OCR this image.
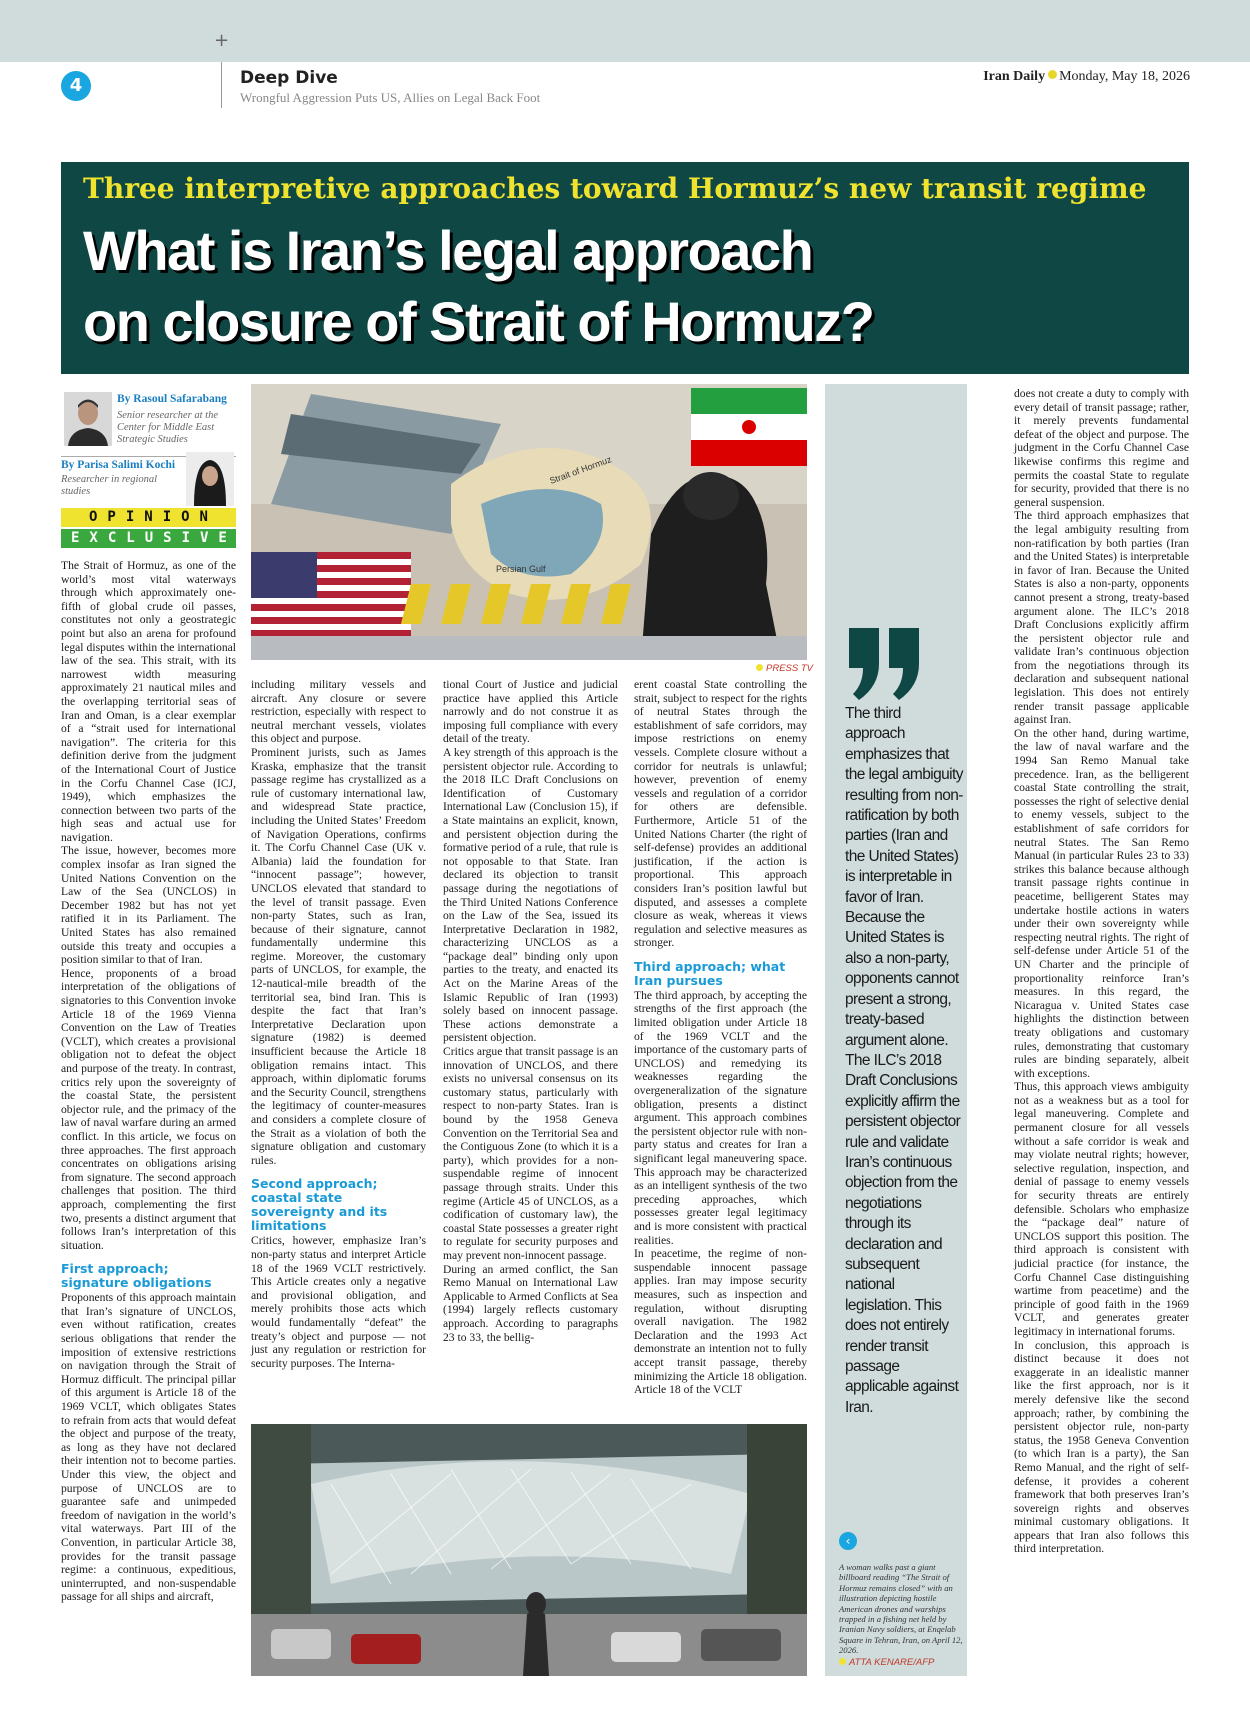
+
4	Deep Dive
Wrongful Aggression Puts US, Allies on Legal Back Foot
Iran Daily Monday, May 18, 2026
Three interpretive approaches toward Hormuz’s new transit regime
What is Iran’s legal approach
on closure of Strait of Hormuz?
By Rasoul Safarabang
Senior researcher at the Center for Middle East Strategic Studies
By Parisa Salimi Kochi
Researcher in regional studies
OPINION
EXCLUSIVE

The Strait of Hormuz, as one of the world’s most vital waterways through which approximately one-fifth of global crude oil passes, constitutes not only a geostrategic point but also an arena for profound legal disputes within the international law of the sea. This strait, with its narrowest width measuring approximately 21 nautical miles and the overlapping territorial seas of Iran and Oman, is a clear exemplar of a “strait used for international navigation”. The criteria for this definition derive from the judgment of the International Court of Justice in the Corfu Channel Case (ICJ, 1949), which emphasizes the connection between two parts of the high seas and actual use for navigation.

The issue, however, becomes more complex insofar as Iran signed the United Nations Convention on the Law of the Sea (UNCLOS) in December 1982 but has not yet ratified it in its Parliament. The United States has also remained outside this treaty and occupies a position similar to that of Iran.

Hence, proponents of a broad interpretation of the obligations of signatories to this Convention invoke Article 18 of the 1969 Vienna Convention on the Law of Treaties (VCLT), which creates a provisional obligation not to defeat the object and purpose of the treaty. In contrast, critics rely upon the sovereignty of the coastal State, the persistent objector rule, and the primacy of the law of naval warfare during an armed conflict. In this article, we focus on three approaches. The first approach concentrates on obligations arising from signature. The second approach challenges that position. The third approach, complementing the first two, presents a distinct argument that follows Iran’s interpretation of this situation.

First approach; signature obligations

Proponents of this approach maintain that Iran’s signature of UNCLOS, even without ratification, creates serious obligations that render the imposition of extensive restrictions on navigation through the Strait of Hormuz difficult. The principal pillar of this argument is Article 18 of the 1969 VCLT, which obligates States to refrain from acts that would defeat the object and purpose of the treaty, as long as they have not declared their intention not to become parties. Under this view, the object and purpose of UNCLOS are to guarantee safe and unimpeded freedom of navigation in the world’s vital waterways. Part III of the Convention, in particular Article 38, provides for the transit passage regime: a continuous, expeditious, uninterrupted, and non-suspendable passage for all ships and aircraft,

Persian Gulf
Strait of Hormuz
PRESS TV

including military vessels and aircraft. Any closure or severe restriction, especially with respect to neutral merchant vessels, violates this object and purpose.

Prominent jurists, such as James Kraska, emphasize that the transit passage regime has crystallized as a rule of customary international law, and widespread State practice, including the United States’ Freedom of Navigation Operations, confirms it. The Corfu Channel Case (UK v. Albania) laid the foundation for “innocent passage”; however, UNCLOS elevated that standard to the level of transit passage. Even non-party States, such as Iran, because of their signature, cannot fundamentally undermine this regime. Moreover, the customary parts of UNCLOS, for example, the 12-nautical-mile breadth of the territorial sea, bind Iran. This is despite the fact that Iran’s Interpretative Declaration upon signature (1982) is deemed insufficient because the Article 18 obligation remains intact. This approach, within diplomatic forums and the Security Council, strengthens the legitimacy of counter-measures and considers a complete closure of the Strait as a violation of both the signature obligation and customary rules.

Second approach; coastal state sovereignty and its limitations

Critics, however, emphasize Iran’s non-party status and interpret Article 18 of the 1969 VCLT restrictively. This Article creates only a negative and provisional obligation, and merely prohibits those acts which would fundamentally “defeat” the treaty’s object and purpose — not just any regulation or restriction for security purposes. The Interna-

tional Court of Justice and judicial practice have applied this Article narrowly and do not construe it as imposing full compliance with every detail of the treaty.

A key strength of this approach is the persistent objector rule. According to the 2018 ILC Draft Conclusions on Identification of Customary International Law (Conclusion 15), if a State maintains an explicit, known, and persistent objection during the formative period of a rule, that rule is not opposable to that State. Iran declared its objection to transit passage during the negotiations of the Third United Nations Conference on the Law of the Sea, issued its Interpretative Declaration in 1982, characterizing UNCLOS as a “package deal” binding only upon parties to the treaty, and enacted its Act on the Marine Areas of the Islamic Republic of Iran (1993) solely based on innocent passage. These actions demonstrate a persistent objection.

Critics argue that transit passage is an innovation of UNCLOS, and there exists no universal consensus on its customary status, particularly with respect to non-party States. Iran is bound by the 1958 Geneva Convention on the Territorial Sea and the Contiguous Zone (to which it is a party), which provides for a non-suspendable regime of innocent passage through straits. Under this regime (Article 45 of UNCLOS, as a codification of customary law), the coastal State possesses a greater right to regulate for security purposes and may prevent non-innocent passage.

During an armed conflict, the San Remo Manual on International Law Applicable to Armed Conflicts at Sea (1994) largely reflects customary approach. According to paragraphs 23 to 33, the bellig-

erent coastal State controlling the strait, subject to respect for the rights of neutral States through the establishment of safe corridors, may impose restrictions on enemy vessels. Complete closure without a corridor for neutrals is unlawful; however, prevention of enemy vessels and regulation of a corridor for others are defensible. Furthermore, Article 51 of the United Nations Charter (the right of self-defense) provides an additional justification, if the action is proportional. This approach considers Iran’s position lawful but disputed, and assesses a complete closure as weak, whereas it views regulation and selective measures as stronger.

Third approach; what Iran pursues

The third approach, by accepting the strengths of the first approach (the limited obligation under Article 18 of the 1969 VCLT and the importance of the customary parts of UNCLOS) and remedying its weaknesses regarding the overgeneralization of the signature obligation, presents a distinct argument. This approach combines the persistent objector rule with non-party status and creates for Iran a significant legal maneuvering space. This approach may be characterized as an intelligent synthesis of the two preceding approaches, which possesses greater legal legitimacy and is more consistent with practical realities.

In peacetime, the regime of non-suspendable innocent passage applies. Iran may impose security measures, such as inspection and regulation, without disrupting overall navigation. The 1982 Declaration and the 1993 Act demonstrate an intention not to fully accept transit passage, thereby minimizing the Article 18 obligation. Article 18 of the VCLT

does not create a duty to comply with every detail of transit passage; rather, it merely prevents fundamental defeat of the object and purpose. The judgment in the Corfu Channel Case likewise confirms this regime and permits the coastal State to regulate for security, provided that there is no general suspension.

The third approach emphasizes that the legal ambiguity resulting from non-ratification by both parties (Iran and the United States) is interpretable in favor of Iran. Because the United States is also a non-party, opponents cannot present a strong, treaty-based argument alone. The ILC’s 2018 Draft Conclusions explicitly affirm the persistent objector rule and validate Iran’s continuous objection from the negotiations through its declaration and subsequent national legislation. This does not entirely render transit passage applicable against Iran.

On the other hand, during wartime, the law of naval warfare and the 1994 San Remo Manual take precedence. Iran, as the belligerent coastal State controlling the strait, possesses the right of selective denial to enemy vessels, subject to the establishment of safe corridors for neutral States. The San Remo Manual (in particular Rules 23 to 33) strikes this balance because although transit passage rights continue in peacetime, belligerent States may undertake hostile actions in waters under their own sovereignty while respecting neutral rights. The right of self-defense under Article 51 of the UN Charter and the principle of proportionality reinforce Iran’s measures. In this regard, the Nicaragua v. United States case highlights the distinction between treaty obligations and customary rules, demonstrating that customary rules are binding separately, albeit with exceptions.

Thus, this approach views ambiguity not as a weakness but as a tool for legal maneuvering. Complete and permanent closure for all vessels without a safe corridor is weak and may violate neutral rights; however, selective regulation, inspection, and denial of passage to enemy vessels for security threats are entirely defensible. Scholars who emphasize the “package deal” nature of UNCLOS support this position. The third approach is consistent with judicial practice (for instance, the Corfu Channel Case distinguishing wartime from peacetime) and the principle of good faith in the 1969 VCLT, and generates greater legitimacy in international forums.

In conclusion, this approach is distinct because it does not exaggerate in an idealistic manner like the first approach, nor is it merely defensive like the second approach; rather, by combining the persistent objector rule, non-party status, the 1958 Geneva Convention (to which Iran is a party), the San Remo Manual, and the right of self-defense, it provides a coherent framework that both preserves Iran’s sovereign rights and observes minimal customary obligations. It appears that Iran also follows this third interpretation.

The third approach emphasizes that the legal ambiguity resulting from non-ratification by both parties (Iran and the United States) is interpretable in favor of Iran. Because the United States is also a non-party, opponents cannot present a strong, treaty-based argument alone. The ILC’s 2018 Draft Conclusions explicitly affirm the persistent objector rule and validate Iran’s continuous objection from the negotiations through its declaration and subsequent national legislation. This does not entirely render transit passage applicable against Iran.
‹
A woman walks past a giant billboard reading “The Strait of Hormuz remains closed” with an illustration depicting hostile American drones and warships trapped in a fishing net held by Iranian Navy soldiers, at Enqelab Square in Tehran, Iran, on April 12, 2026.
ATTA KENARE/AFP
